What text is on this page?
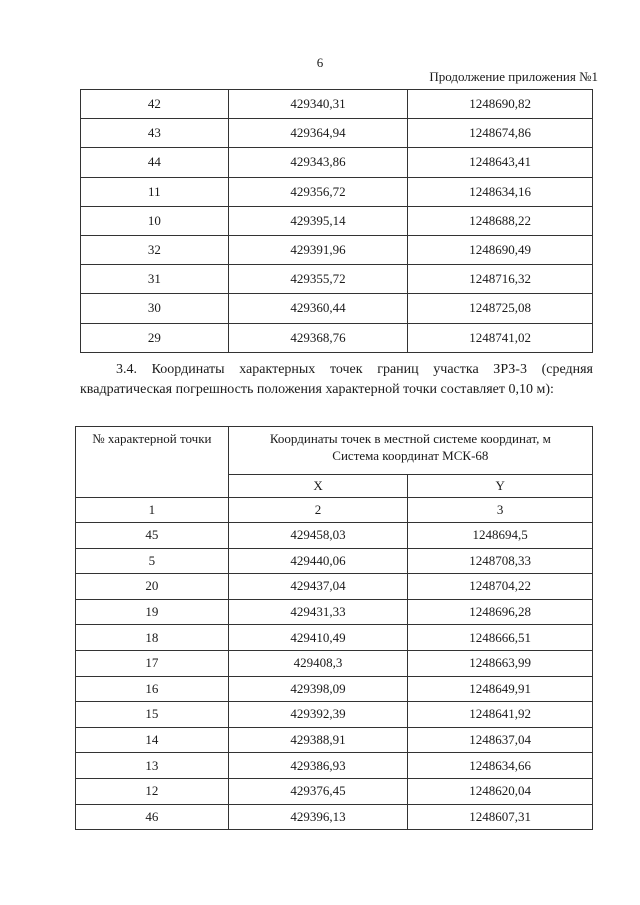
6
Продолжение приложения №1
42	429340,31	1248690,82
43	429364,94	1248674,86
44	429343,86	1248643,41
11	429356,72	1248634,16
10	429395,14	1248688,22
32	429391,96	1248690,49
31	429355,72	1248716,32
30	429360,44	1248725,08
29	429368,76	1248741,02
3.4. Координаты характерных точек границ участка ЗРЗ-3 (средняя квадратическая погрешность положения характерной точки составляет 0,10 м):
№ характерной точки	Координаты точек в местной системе координат, м
Система координат МСК-68	

	X	Y
1	2	3
45	429458,03	1248694,5
5	429440,06	1248708,33
20	429437,04	1248704,22
19	429431,33	1248696,28
18	429410,49	1248666,51
17	429408,3	1248663,99
16	429398,09	1248649,91
15	429392,39	1248641,92
14	429388,91	1248637,04
13	429386,93	1248634,66
12	429376,45	1248620,04
46	429396,13	1248607,31
